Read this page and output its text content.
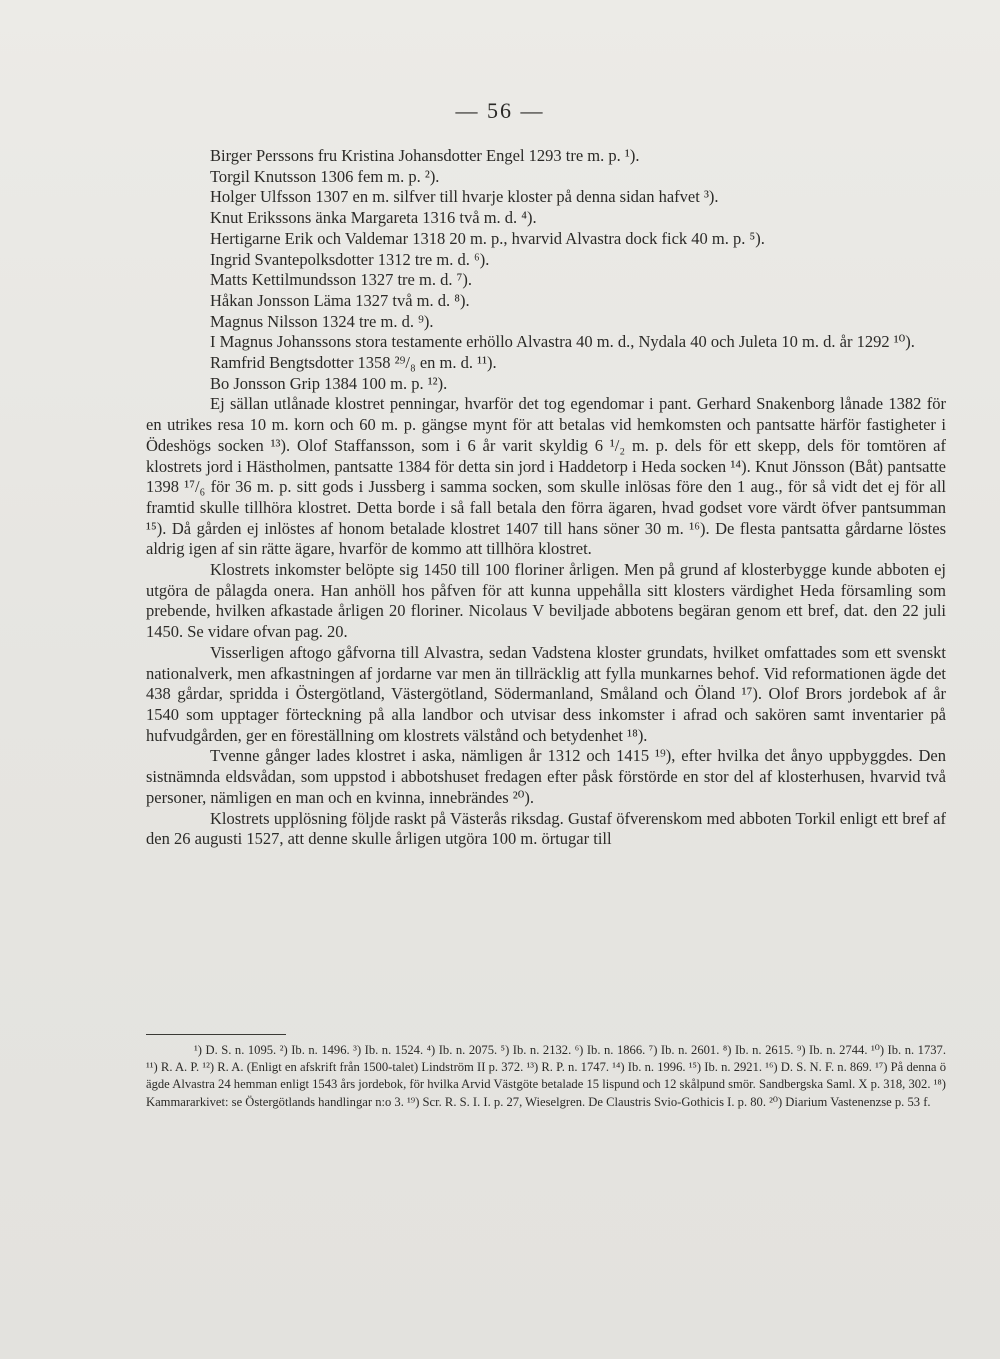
— 56 —

Birger Perssons fru Kristina Johansdotter Engel 1293 tre m. p. ¹).

Torgil Knutsson 1306 fem m. p. ²).

Holger Ulfsson 1307 en m. silfver till hvarje kloster på denna sidan hafvet ³).

Knut Erikssons änka Margareta 1316 två m. d. ⁴).

Hertigarne Erik och Valdemar 1318 20 m. p., hvarvid Alvastra dock fick 40 m. p. ⁵).

Ingrid Svantepolksdotter 1312 tre m. d. ⁶).

Matts Kettilmundsson 1327 tre m. d. ⁷).

Håkan Jonsson Läma 1327 två m. d. ⁸).

Magnus Nilsson 1324 tre m. d. ⁹).

I Magnus Johanssons stora testamente erhöllo Alvastra 40 m. d., Nydala 40 och Juleta 10 m. d. år 1292 ¹⁰).

Ramfrid Bengtsdotter 1358 ²⁹/₈ en m. d. ¹¹).

Bo Jonsson Grip 1384 100 m. p. ¹²).

Ej sällan utlånade klostret penningar, hvarför det tog egendomar i pant. Gerhard Snakenborg lånade 1382 för en utrikes resa 10 m. korn och 60 m. p. gängse mynt för att betalas vid hemkomsten och pantsatte härför fastigheter i Ödeshögs socken ¹³). Olof Staffansson, som i 6 år varit skyldig 6 ¹/₂ m. p. dels för ett skepp, dels för tomtören af klostrets jord i Hästholmen, pantsatte 1384 för detta sin jord i Haddetorp i Heda socken ¹⁴). Knut Jönsson (Båt) pantsatte 1398 ¹⁷/₆ för 36 m. p. sitt gods i Jussberg i samma socken, som skulle inlösas före den 1 aug., för så vidt det ej för all framtid skulle tillhöra klostret. Detta borde i så fall betala den förra ägaren, hvad godset vore värdt öfver pantsumman ¹⁵). Då gården ej inlöstes af honom betalade klostret 1407 till hans söner 30 m. ¹⁶). De flesta pantsatta gårdarne löstes aldrig igen af sin rätte ägare, hvarför de kommo att tillhöra klostret.

Klostrets inkomster belöpte sig 1450 till 100 floriner årligen. Men på grund af klosterbygge kunde abboten ej utgöra de pålagda onera. Han anhöll hos påfven för att kunna uppehålla sitt klosters värdighet Heda församling som prebende, hvilken afkastade årligen 20 floriner. Nicolaus V beviljade abbotens begäran genom ett bref, dat. den 22 juli 1450. Se vidare ofvan pag. 20.

Visserligen aftogo gåfvorna till Alvastra, sedan Vadstena kloster grundats, hvilket omfattades som ett svenskt nationalverk, men afkastningen af jordarne var men än tillräcklig att fylla munkarnes behof. Vid reformationen ägde det 438 gårdar, spridda i Östergötland, Västergötland, Södermanland, Småland och Öland ¹⁷). Olof Brors jordebok af år 1540 som upptager förteckning på alla landbor och utvisar dess inkomster i afrad och sakören samt inventarier på hufvudgården, ger en föreställning om klostrets välstånd och betydenhet ¹⁸).

Tvenne gånger lades klostret i aska, nämligen år 1312 och 1415 ¹⁹), efter hvilka det ånyo uppbyggdes. Den sistnämnda eldsvådan, som uppstod i abbotshuset fredagen efter påsk förstörde en stor del af klosterhusen, hvarvid två personer, nämligen en man och en kvinna, innebrändes ²⁰).

Klostrets upplösning följde raskt på Västerås riksdag. Gustaf öfverenskom med abboten Torkil enligt ett bref af den 26 augusti 1527, att denne skulle årligen utgöra 100 m. örtugar till

¹) D. S. n. 1095. ²) Ib. n. 1496. ³) Ib. n. 1524. ⁴) Ib. n. 2075. ⁵) Ib. n. 2132. ⁶) Ib. n. 1866. ⁷) Ib. n. 2601. ⁸) Ib. n. 2615. ⁹) Ib. n. 2744. ¹⁰) Ib. n. 1737. ¹¹) R. A. P. ¹²) R. A. (Enligt en afskrift från 1500-talet) Lindström II p. 372. ¹³) R. P. n. 1747. ¹⁴) Ib. n. 1996. ¹⁵) Ib. n. 2921. ¹⁶) D. S. N. F. n. 869. ¹⁷) På denna ö ägde Alvastra 24 hemman enligt 1543 års jordebok, för hvilka Arvid Västgöte betalade 15 lispund och 12 skålpund smör. Sandbergska Saml. X p. 318, 302. ¹⁸) Kammararkivet: se Östergötlands handlingar n:o 3. ¹⁹) Scr. R. S. I. I. p. 27, Wieselgren. De Claustris Svio-Gothicis I. p. 80. ²⁰) Diarium Vastenenzse p. 53 f.
